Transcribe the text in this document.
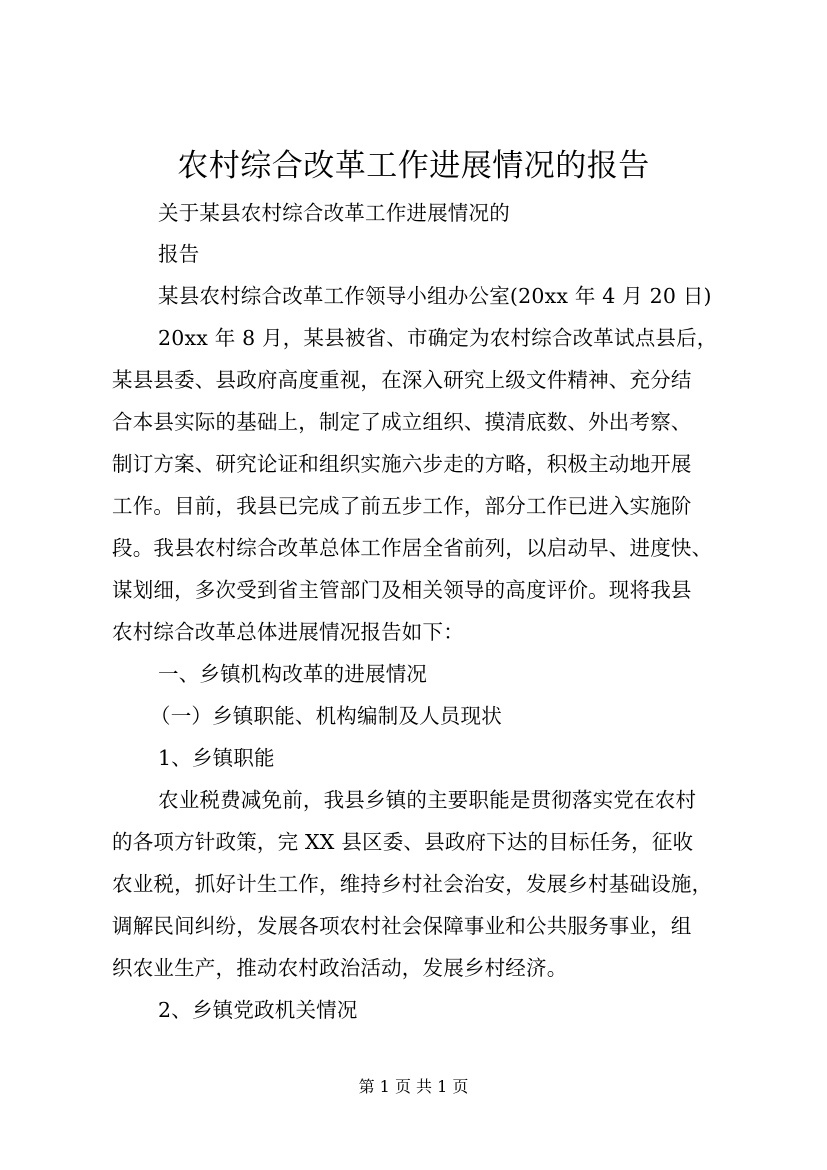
农村综合改革工作进展情况的报告
关于某县农村综合改革工作进展情况的
报告
某县农村综合改革工作领导小组办公室(20xx 年 4 月 20 日)
20xx 年 8 月，某县被省、市确定为农村综合改革试点县后，
某县县委、县政府高度重视，在深入研究上级文件精神、充分结
合本县实际的基础上，制定了成立组织、摸清底数、外出考察、
制订方案、研究论证和组织实施六步走的方略，积极主动地开展
工作。目前，我县已完成了前五步工作，部分工作已进入实施阶
段。我县农村综合改革总体工作居全省前列，以启动早、进度快、
谋划细，多次受到省主管部门及相关领导的高度评价。现将我县
农村综合改革总体进展情况报告如下：
一、乡镇机构改革的进展情况
（一）乡镇职能、机构编制及人员现状
1、乡镇职能
农业税费减免前，我县乡镇的主要职能是贯彻落实党在农村
的各项方针政策，完 XX 县区委、县政府下达的目标任务，征收
农业税，抓好计生工作，维持乡村社会治安，发展乡村基础设施，
调解民间纠纷，发展各项农村社会保障事业和公共服务事业，组
织农业生产，推动农村政治活动，发展乡村经济。
2、乡镇党政机关情况
第 1 页 共 1 页
